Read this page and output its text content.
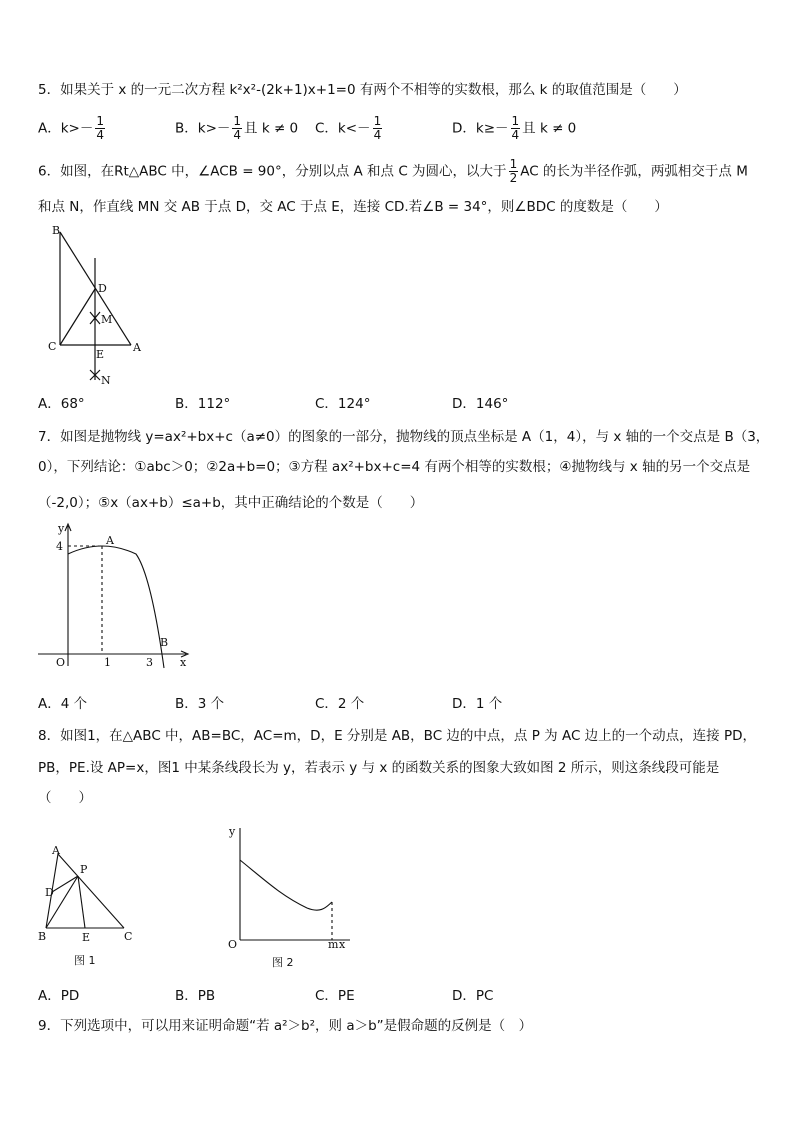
5．如果关于 x 的一元二次方程 k²x²-(2k+1)x+1=0 有两个不相等的实数根，那么 k 的取值范围是（　　）
A．$k>- \frac{1}{4}$	B．$k>- \frac{1}{4}$ 且 k ≠ 0 C．$k<- \frac{1}{4}$	D．$k\ge- \frac{1}{4}$ 且 k ≠ 0
6．如图，在Rt△ABC 中，∠ACB = 90°，分别以点 A 和点 C 为圆心，以大于 $\frac{1}{2}$ AC 的长为半径作弧，两弧相交于点 M
和点 N，作直线 MN 交 AB 于点 D，交 AC 于点 E，连接 CD.若∠B = 34°，则∠BDC 的度数是（　　）
B
D
M
C
E
A
N
A．68°	B．112°	C．124°	D．146°
7．如图是抛物线 y=ax²+bx+c（a≠0）的图象的一部分，抛物线的顶点坐标是 A（1，4），与 x 轴的一个交点是 B（3，
0），下列结论：①abc＞0；②2a+b=0；③方程 ax²+bx+c=4 有两个相等的实数根；④抛物线与 x 轴的另一个交点是
（-2,0）；⑤x（ax+b）≤a+b，其中正确结论的个数是（　　）
y
4	A
B
O	1	3 x
A．4 个	B．3 个	C．2 个	D．1 个
8．如图1，在△ABC 中，AB=BC，AC=m，D，E 分别是 AB，BC 边的中点，点 P 为 AC 边上的一个动点，连接 PD，
PB，PE.设 AP=x，图1 中某条线段长为 y，若表示 y 与 x 的函数关系的图象大致如图 2 所示，则这条线段可能是
（　　）
A
P
D
B	E	C
图 1
y
O	m x
图 2
A．PD	B．PB	C．PE	D．PC
9．下列选项中，可以用来证明命题“若 a²＞b²，则 a＞b”是假命题的反例是（　）
